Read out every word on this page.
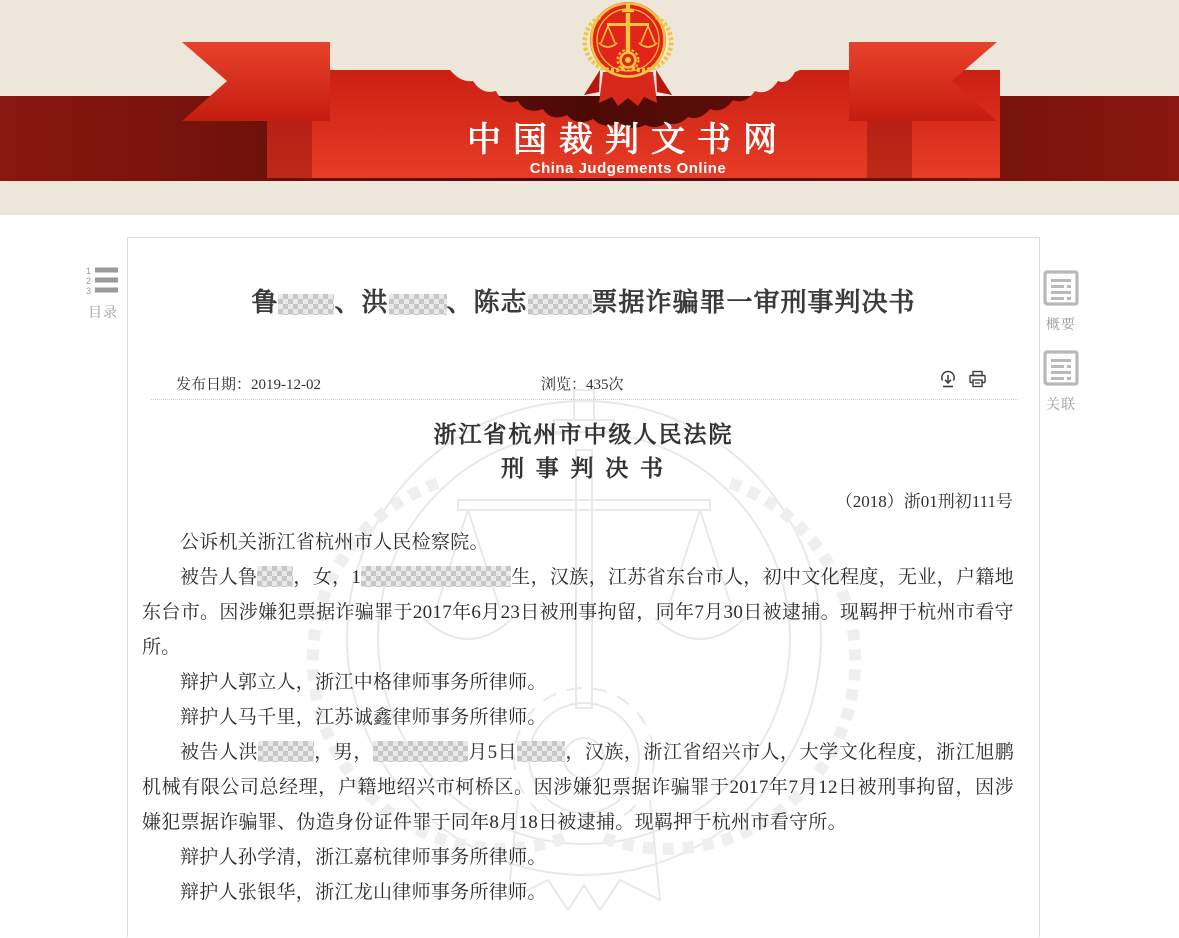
中国裁判文书网
China Judgements Online
1
2
3
目录
概要
关联
鲁 、洪 、陈志 票据诈骗罪一审刑事判决书
发布日期：2019-12-02	浏览：435次
浙江省杭州市中级人民法院
刑 事 判 决 书
（2018）浙01刑初111号

公诉机关浙江省杭州市人民检察院。

被告人鲁 ，女，1	生，汉族，江苏省东台市人，初中文化程度，无业，户籍地东台市。因涉嫌犯票据诈骗罪于2017年6月23日被刑事拘留，同年7月30日被逮捕。现羁押于杭州市看守所。

辩护人郭立人，浙江中格律师事务所律师。

辩护人马千里，江苏诚鑫律师事务所律师。

被告人洪	，男，	月5日	，汉族，浙江省绍兴市人，大学文化程度，浙江旭鹏机械有限公司总经理，户籍地绍兴市柯桥区。因涉嫌犯票据诈骗罪于2017年7月12日被刑事拘留，因涉嫌犯票据诈骗罪、伪造身份证件罪于同年8月18日被逮捕。现羁押于杭州市看守所。

辩护人孙学清，浙江嘉杭律师事务所律师。

辩护人张银华，浙江龙山律师事务所律师。
